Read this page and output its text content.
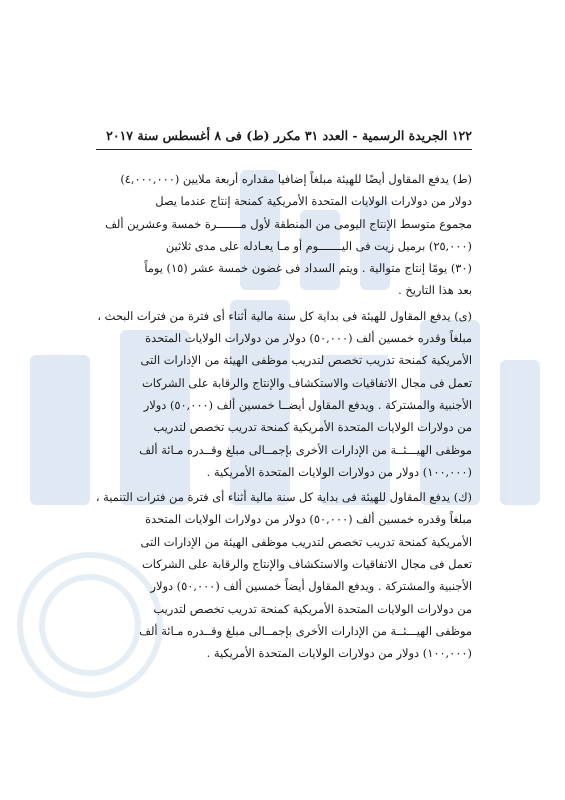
١٢٢ الجريدة الرسمية - العدد ٣١ مكرر (ط) فى ٨ أغسطس سنة ٢٠١٧
(ط) يدفع المقاول أيضًا للهيئة مبلغاً إضافيا مقداره أربعة ملايين (٤,٠٠٠,٠٠٠)
دولار من دولارات الولايات المتحدة الأمريكية كمنحة إنتاج عندما يصل
مجموع متوسط الإنتاج اليومى من المنطقة لأول مـــــــرة خمسة وعشرين ألف
(٢٥,٠٠٠) برميل زيت فى اليـــــــوم أو مـا يعـادله على مدى ثلاثين
(٣٠) يومًا إنتاج متوالية . ويتم السداد فى غضون خمسة عشر (١٥) يوماً
بعد هذا التاريخ .
(ى) يدفع المقاول للهيئة فى بداية كل سنة مالية أثناء أى فترة من فترات البحث ،
مبلغاً وقدره خمسين ألف (٥٠,٠٠٠) دولار من دولارات الولايات المتحدة
الأمريكية كمنحة تدريب تخصص لتدريب موظفى الهيئة من الإدارات التى
تعمل فى مجال الاتفاقيات والاستكشاف والإنتاج والرقابة على الشركات
الأجنبية والمشتركة . ويدفع المقاول أيضــا خمسين ألف (٥٠,٠٠٠) دولار
من دولارات الولايات المتحدة الأمريكية كمنحة تدريب تخصص لتدريب
موظفى الهيـــئــة من الإدارات الأخرى بإجمــالى مبلغ وقــدره مـائة ألف
(١٠٠,٠٠٠) دولار من دولارات الولايات المتحدة الأمريكية .
(ك) يدفع المقاول للهيئة فى بداية كل سنة مالية أثناء أى فترة من فترات التنمية ،
مبلغاً وقدره خمسين ألف (٥٠,٠٠٠) دولار من دولارات الولايات المتحدة
الأمريكية كمنحة تدريب تخصص لتدريب موظفى الهيئة من الإدارات التى
تعمل فى مجال الاتفاقيات والاستكشاف والإنتاج والرقابة على الشركات
الأجنبية والمشتركة . ويدفع المقاول أيضاً خمسين ألف (٥٠,٠٠٠) دولار
من دولارات الولايات المتحدة الأمريكية كمنحة تدريب تخصص لتدريب
موظفى الهيـــئــة من الإدارات الأخرى بإجمــالى مبلغ وقــدره مـائة ألف
(١٠٠,٠٠٠) دولار من دولارات الولايات المتحدة الأمريكية .
